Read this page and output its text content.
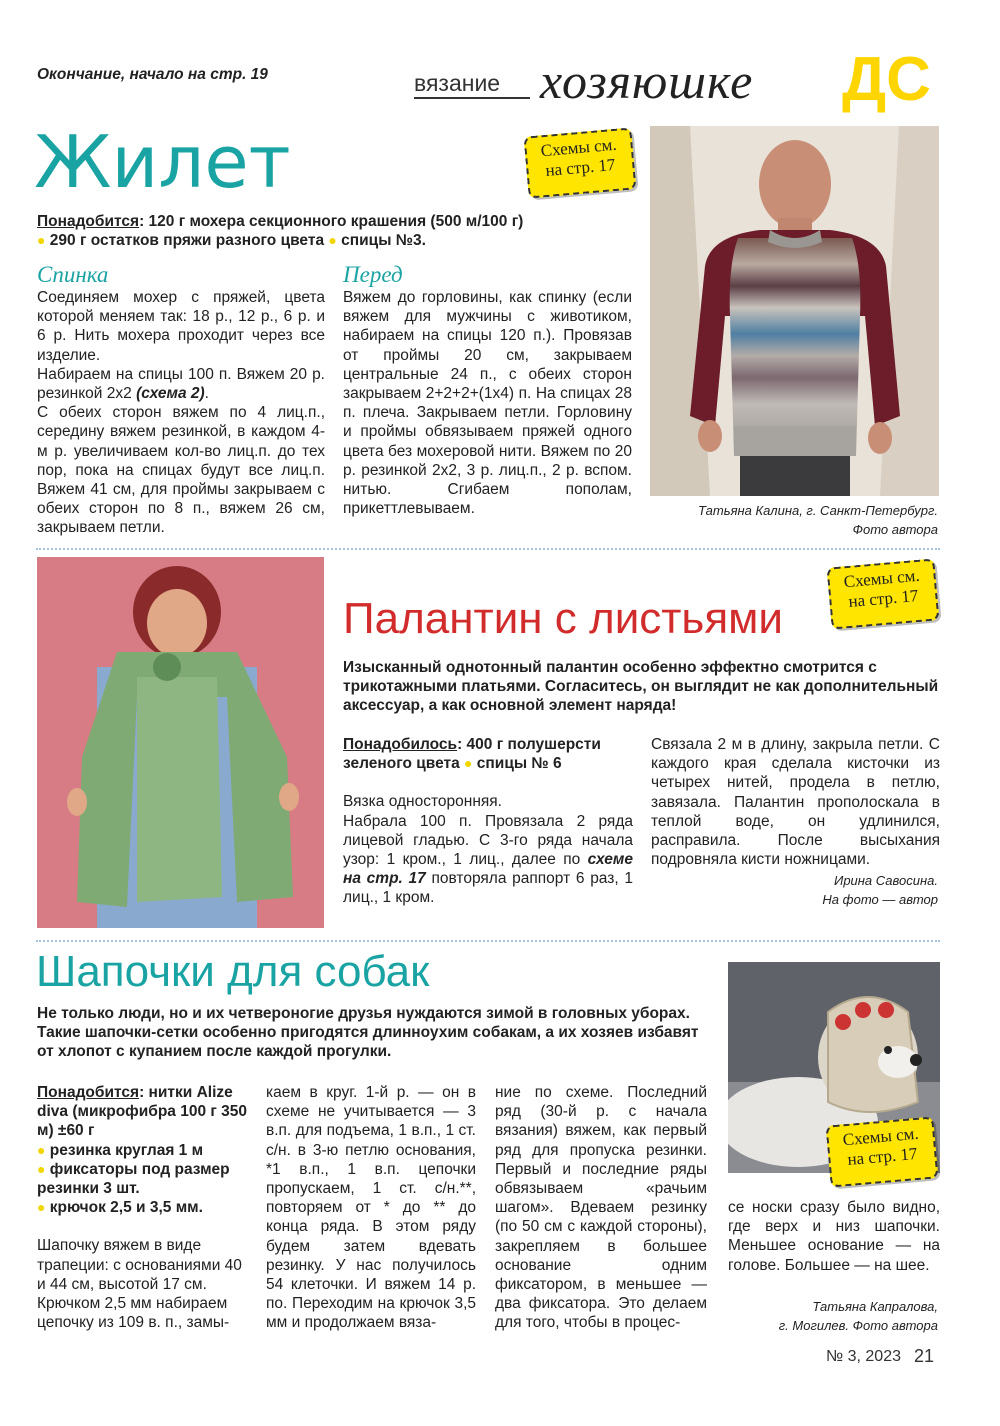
Окончание, начало на стр. 19	вязание хозяюшке ДС
Жилет	Схемы см.
на стр. 17
Понадобится: 120 г мохера секционного крашения (500 м/100 г)
● 290 г остатков пряжи разного цвета ● спицы №3.
Спинка

Соединяем мохер с пряжей, цвета которой меняем так: 18 р., 12 р., 6 р. и 6 р. Нить мохера проходит через все изделие.

Набираем на спицы 100 п. Вяжем 20 р. резинкой 2х2 (схема 2).

С обеих сторон вяжем по 4 лиц.п., середину вяжем резинкой, в каждом 4-м р. увеличиваем кол-во лиц.п. до тех пор, пока на спицах будут все лиц.п. Вяжем 41 см, для проймы закрываем с обеих сторон по 8 п., вяжем 26 см, закрываем петли.

Перед

Вяжем до горловины, как спинку (если вяжем для мужчины с животиком, набираем на спицы 120 п.). Провязав от проймы 20 см, закрываем центральные 24 п., с обеих сторон закрываем 2+2+2+(1х4) п. На спицах 28 п. плеча. Закрываем петли. Горловину и проймы обвязываем пряжей одного цвета без мохеровой нити. Вяжем по 20 р. резинкой 2х2, 3 р. лиц.п., 2 р. вспом. нитью. Сгибаем пополам, прикеттлевываем.	Татьяна Калина, г. Санкт-Петербург.
Фото автора
Схемы см.
на стр. 17
Палантин с листьями
Изысканный однотонный палантин особенно эффектно смотрится с трикотажными платьями. Согласитесь, он выглядит не как дополнительный аксессуар, а как основной элемент наряда!

Понадобилось: 400 г полушерсти зеленого цвета ● спицы № 6

Вязка односторонняя.

Набрала 100 п. Провязала 2 ряда лицевой гладью. С 3-го ряда начала узор: 1 кром., 1 лиц., далее по схеме на стр. 17 повторяла раппорт 6 раз, 1 лиц., 1 кром.

Связала 2 м в длину, закрыла петли. С каждого края сделала кисточки из четырех нитей, продела в петлю, завязала. Палантин прополоскала в теплой воде, он удлинился, расправила. После высыхания подровняла кисти ножницами.

Ирина Савосина.
На фото — автор
Шапочки для собак
Не только люди, но и их четвероногие друзья нуждаются зимой в головных уборах. Такие шапочки-сетки особенно пригодятся длинноухим собакам, а их хозяев избавят от хлопот с купанием после каждой прогулки.
Схемы см.
на стр. 17
Понадобится: нитки Alize diva (микрофибра 100 г 350 м) ±60 г
● резинка круглая 1 м
● фиксаторы под размер резинки 3 шт.
● крючок 2,5 и 3,5 мм.

Шапочку вяжем в виде трапеции: с основаниями 40 и 44 см, высотой 17 см. Крючком 2,5 мм набираем цепочку из 109 в. п., замы-

каем в круг. 1-й р. — он в схеме не учитывается — 3 в.п. для подъема, 1 в.п., 1 ст. с/н. в 3-ю петлю основания, *1 в.п., 1 в.п. цепочки пропускаем, 1 ст. с/н.**, повторяем от * до ** до конца ряда. В этом ряду будем затем вдевать резинку. У нас получилось 54 клеточки. И вяжем 14 р. по. Переходим на крючок 3,5 мм и продолжаем вяза-

ние по схеме. Последний ряд (30-й р. с начала вязания) вяжем, как первый ряд для пропуска резинки. Первый и последние ряды обвязываем «рачьим шагом». Вдеваем резинку (по 50 см с каждой стороны), закрепляем в большее основание одним фиксатором, в меньшее — два фиксатора. Это делаем для того, чтобы в процес-

се носки сразу было видно, где верх и низ шапочки. Меньшее основание — на голове. Большее — на шее.

Татьяна Капралова,
г. Могилев. Фото автора
№ 3, 2023 21
